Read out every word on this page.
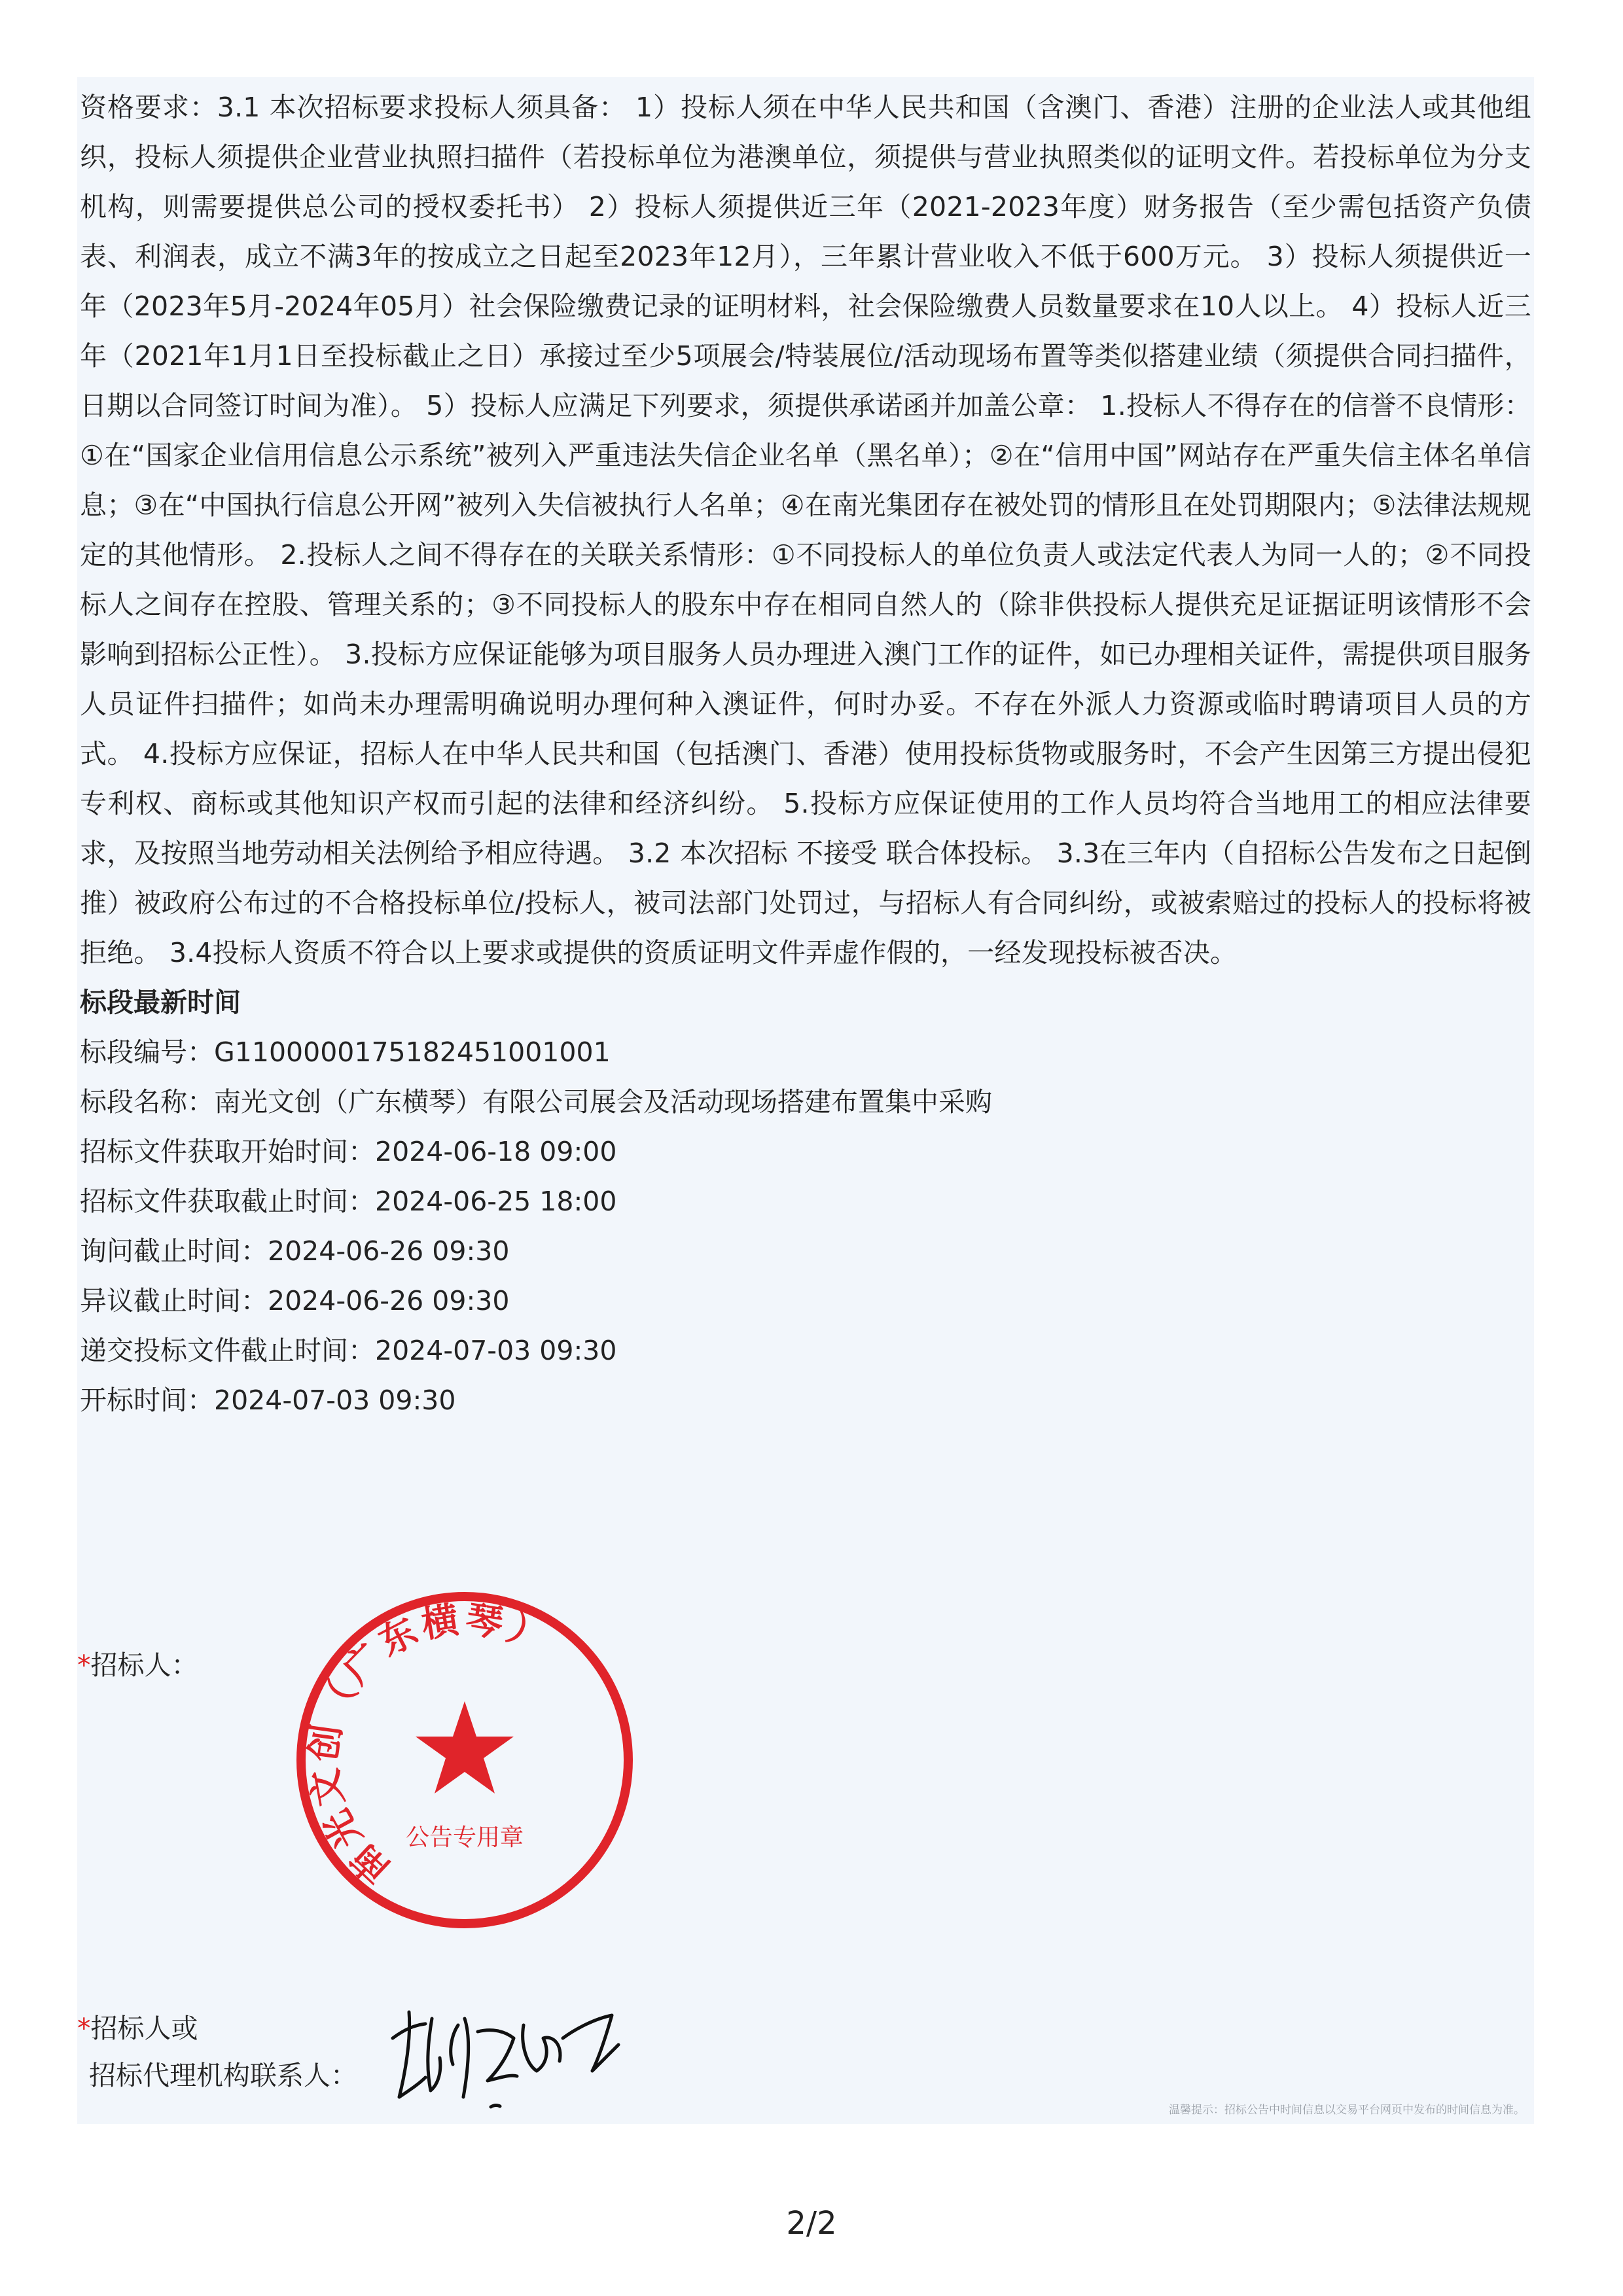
资格要求：3.1 本次招标要求投标人须具备： 1）投标人须在中华人民共和国（含澳门、香港）注册的企业法人或其他组织，投标人须提供企业营业执照扫描件（若投标单位为港澳单位，须提供与营业执照类似的证明文件。若投标单位为分支机构，则需要提供总公司的授权委托书） 2）投标人须提供近三年（2021-2023年度）财务报告（至少需包括资产负债表、利润表，成立不满3年的按成立之日起至2023年12月），三年累计营业收入不低于600万元。 3）投标人须提供近一年（2023年5月-2024年05月）社会保险缴费记录的证明材料，社会保险缴费人员数量要求在10人以上。 4）投标人近三年（2021年1月1日至投标截止之日）承接过至少5项展会/特装展位/活动现场布置等类似搭建业绩（须提供合同扫描件，日期以合同签订时间为准）。 5）投标人应满足下列要求，须提供承诺函并加盖公章： 1.投标人不得存在的信誉不良情形：①在“国家企业信用信息公示系统”被列入严重违法失信企业名单（黑名单）；②在“信用中国”网站存在严重失信主体名单信息；③在“中国执行信息公开网”被列入失信被执行人名单；④在南光集团存在被处罚的情形且在处罚期限内；⑤法律法规规定的其他情形。 2.投标人之间不得存在的关联关系情形：①不同投标人的单位负责人或法定代表人为同一人的；②不同投标人之间存在控股、管理关系的；③不同投标人的股东中存在相同自然人的（除非供投标人提供充足证据证明该情形不会影响到招标公正性）。 3.投标方应保证能够为项目服务人员办理进入澳门工作的证件，如已办理相关证件，需提供项目服务人员证件扫描件；如尚未办理需明确说明办理何种入澳证件，何时办妥。不存在外派人力资源或临时聘请项目人员的方式。 4.投标方应保证，招标人在中华人民共和国（包括澳门、香港）使用投标货物或服务时，不会产生因第三方提出侵犯专利权、商标或其他知识产权而引起的法律和经济纠纷。 5.投标方应保证使用的工作人员均符合当地用工的相应法律要求，及按照当地劳动相关法例给予相应待遇。 3.2 本次招标 不接受 联合体投标。 3.3在三年内（自招标公告发布之日起倒推）被政府公布过的不合格投标单位/投标人，被司法部门处罚过，与招标人有合同纠纷，或被索赔过的投标人的投标将被拒绝。 3.4投标人资质不符合以上要求或提供的资质证明文件弄虚作假的，一经发现投标被否决。

标段最新时间

标段编号：G11000001751824510010​01

标段名称：南光文创（广东横琴）有限公司展会及活动现场搭建布置集中采购

招标文件获取开始时间：2024-06-18 09:00

招标文件获取截止时间：2024-06-25 18:00

询问截止时间：2024-06-26 09:30

异议截止时间：2024-06-26 09:30

递交投标文件截止时间：2024-07-03 09:30

开标时间：2024-07-03 09:30

*招标人：
南光文创（广东横琴）有限公司
公告专用章
*招标人或
招标代理机构联系人：
温馨提示：招标公告中时间信息以交易平台网页中发布的时间信息为准。
2/2
